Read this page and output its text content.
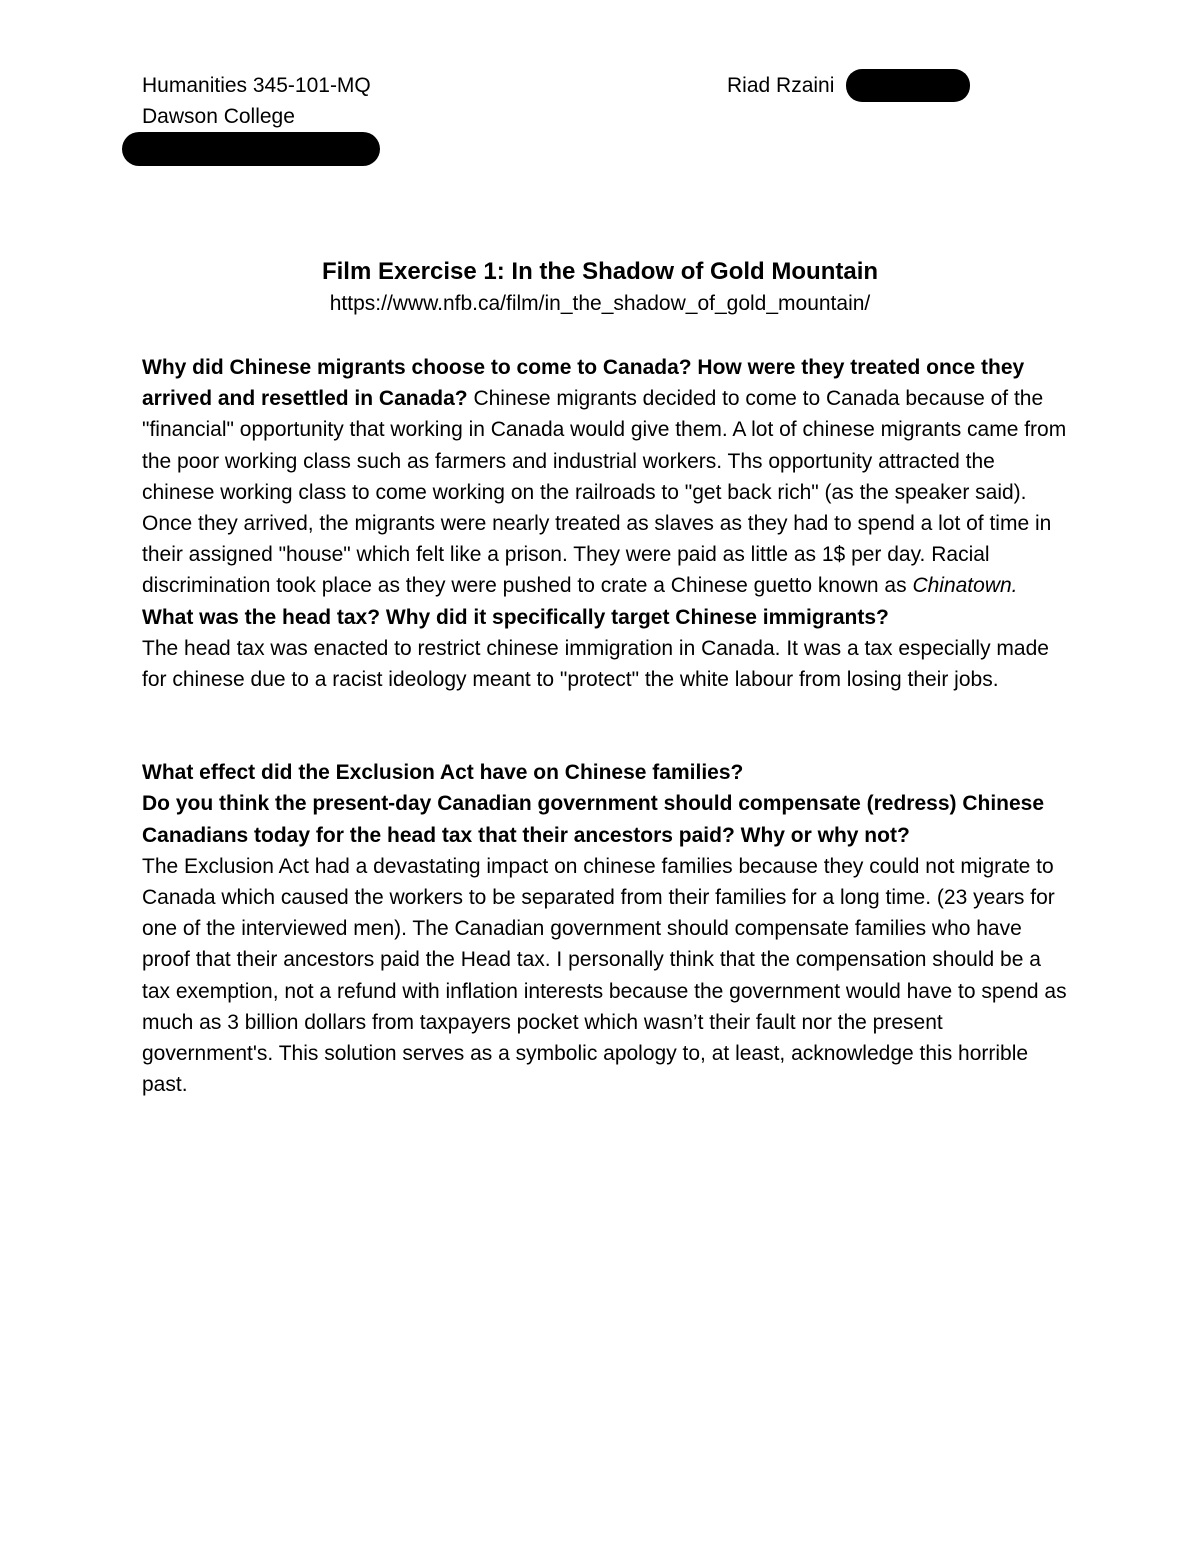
Humanities 345-101-MQ
Dawson College
Riad Rzaini

Film Exercise 1: In the Shadow of Gold Mountain

https://www.nfb.ca/film/in_the_shadow_of_gold_mountain/

Why did Chinese migrants choose to come to Canada? How were they treated once they arrived and resettled in Canada? Chinese migrants decided to come to Canada because of the "financial" opportunity that working in Canada would give them. A lot of chinese migrants came from the poor working class such as farmers and industrial workers. Ths opportunity attracted the chinese working class to come working on the railroads to "get back rich" (as the speaker said). Once they arrived, the migrants were nearly treated as slaves as they had to spend a lot of time in their assigned "house" which felt like a prison. They were paid as little as 1$ per day. Racial discrimination took place as they were pushed to crate a Chinese guetto known as Chinatown.

What was the head tax? Why did it specifically target Chinese immigrants?

The head tax was enacted to restrict chinese immigration in Canada. It was a tax especially made for chinese due to a racist ideology meant to "protect" the white labour from losing their jobs.

What effect did the Exclusion Act have on Chinese families?

Do you think the present-day Canadian government should compensate (redress) Chinese Canadians today for the head tax that their ancestors paid? Why or why not?

The Exclusion Act had a devastating impact on chinese families because they could not migrate to Canada which caused the workers to be separated from their families for a long time. (23 years for one of the interviewed men). The Canadian government should compensate families who have proof that their ancestors paid the Head tax. I personally think that the compensation should be a tax exemption, not a refund with inflation interests because the government would have to spend as much as 3 billion dollars from taxpayers pocket which wasn’t their fault nor the present government's. This solution serves as a symbolic apology to, at least, acknowledge this horrible past.
